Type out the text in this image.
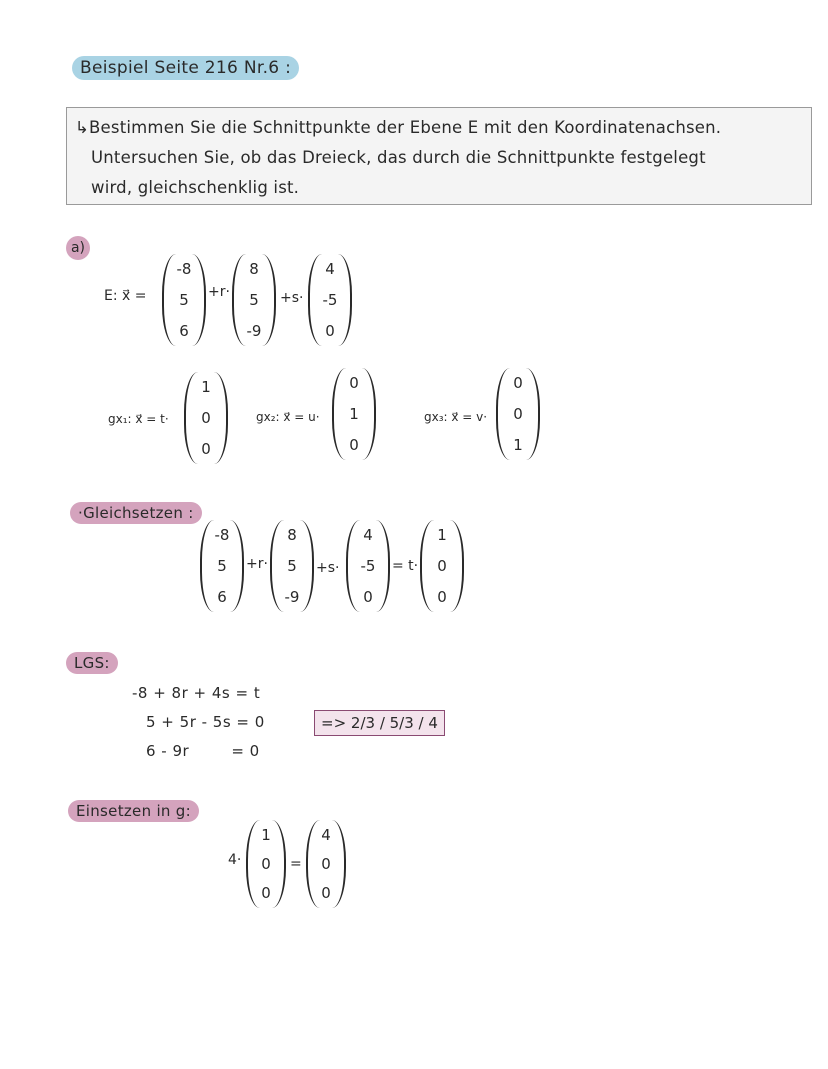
Beispiel Seite 216 Nr.6 :
↳Bestimmen Sie die Schnittpunkte der Ebene E mit den Koordinatenachsen.
Untersuchen Sie, ob das Dreieck, das durch die Schnittpunkte festgelegt
wird, gleichschenklig ist.
a)
E: x⃗ =
-8
5
6
+r·
8
5
-9
+s·
4
-5
0
gx₁: x⃗ = t·
1
0
0
gx₂: x⃗ = u·
0
1
0
gx₃: x⃗ = v·
0
0
1
·Gleichsetzen :
-8
5
6
+r·
8
5
-9
+s·
4
-5
0
= t·
1
0
0
LGS:
-8 + 8r + 4s = t
5 + 5r - 5s = 0
6 - 9r        = 0
=> 2/3 / 5/3 / 4
Einsetzen in g:
4·
1
0
0
=
4
0
0
